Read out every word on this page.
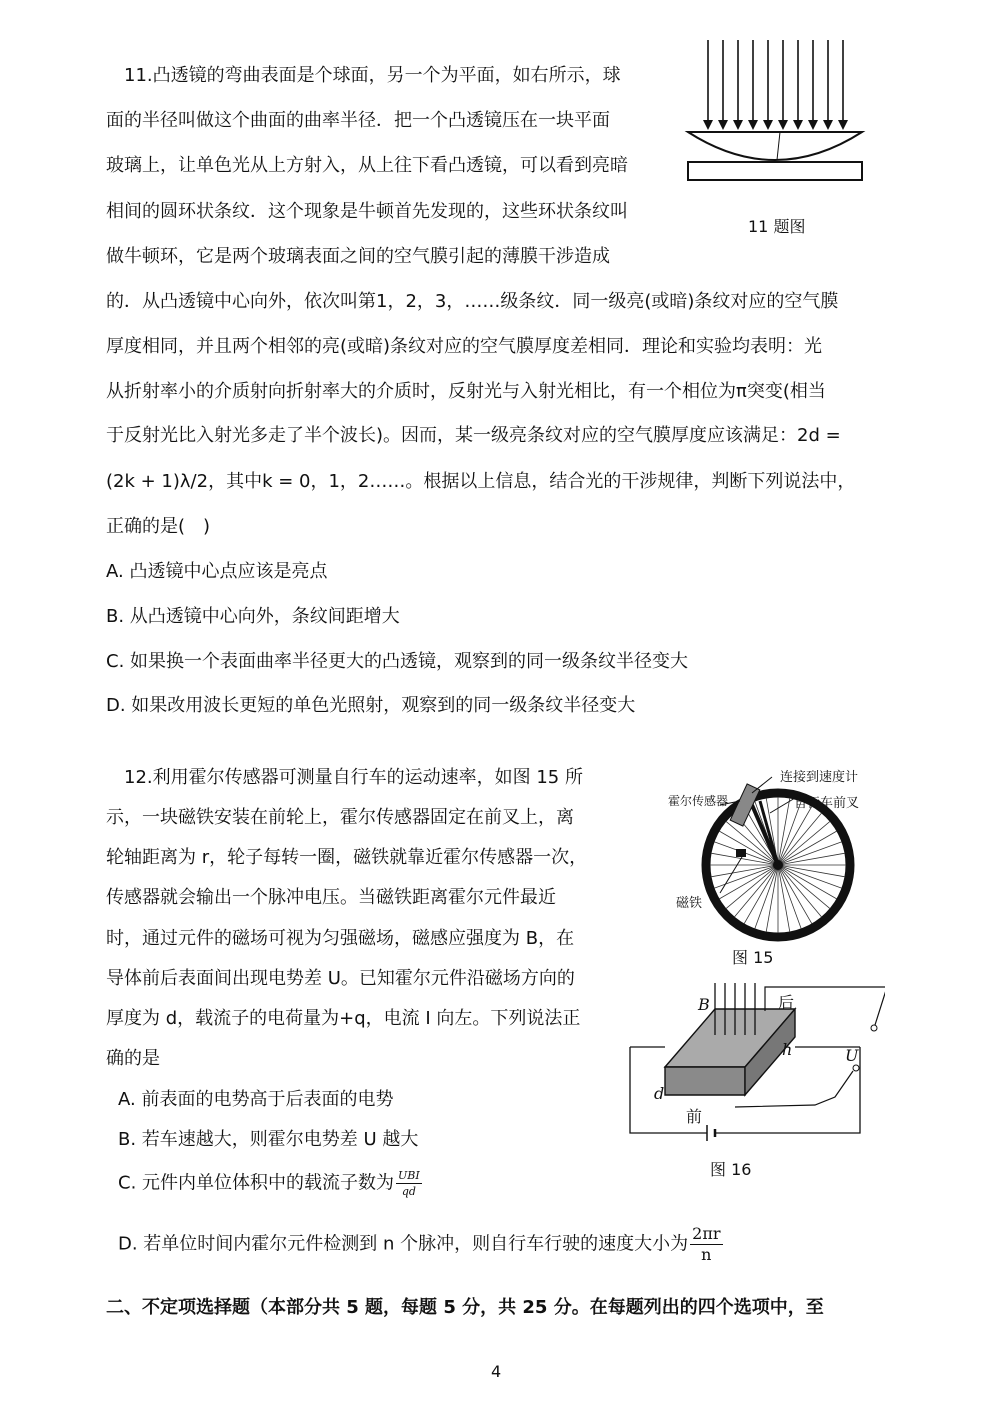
11.凸透镜的弯曲表面是个球面，另一个为平面，如右所示，球
面的半径叫做这个曲面的曲率半径．把一个凸透镜压在一块平面
玻璃上，让单色光从上方射入，从上往下看凸透镜，可以看到亮暗
相间的圆环状条纹．这个现象是牛顿首先发现的，这些环状条纹叫
做牛顿环，它是两个玻璃表面之间的空气膜引起的薄膜干涉造成
的．从凸透镜中心向外，依次叫第1，2，3，……级条纹．同一级亮(或暗)条纹对应的空气膜
厚度相同，并且两个相邻的亮(或暗)条纹对应的空气膜厚度差相同．理论和实验均表明：光
从折射率小的介质射向折射率大的介质时，反射光与入射光相比，有一个相位为π突变(相当
于反射光比入射光多走了半个波长)。因而，某一级亮条纹对应的空气膜厚度应该满足：2d =
(2k + 1)λ/2，其中k = 0，1，2……。根据以上信息，结合光的干涉规律，判断下列说法中，
正确的是(　)
A. 凸透镜中心点应该是亮点
B. 从凸透镜中心向外，条纹间距增大
C. 如果换一个表面曲率半径更大的凸透镜，观察到的同一级条纹半径变大
D. 如果改用波长更短的单色光照射，观察到的同一级条纹半径变大
11 题图
12.利用霍尔传感器可测量自行车的运动速率，如图 15 所
示，一块磁铁安装在前轮上，霍尔传感器固定在前叉上，离
轮轴距离为 r，轮子每转一圈，磁铁就靠近霍尔传感器一次，
传感器就会输出一个脉冲电压。当磁铁距离霍尔元件最近
时，通过元件的磁场可视为匀强磁场，磁感应强度为 B，在
导体前后表面间出现电势差 U。已知霍尔元件沿磁场方向的
厚度为 d，载流子的电荷量为+q，电流 I 向左。下列说法正
确的是
A. 前表面的电势高于后表面的电势
B. 若车速越大，则霍尔电势差 U 越大
C. 元件内单位体积中的载流子数为 $\frac{\text{UBI}}{qd}$
D. 若单位时间内霍尔元件检测到 n 个脉冲，则自行车行驶的速度大小为 $\frac{2\pi r}{n}$
连接到速度计
霍尔传感器	自行车前叉
磁铁
图 15
B	后
U
d
前
h
图 16
二、不定项选择题（本部分共 5 题，每题 5 分，共 25 分。在每题列出的四个选项中，至
4
